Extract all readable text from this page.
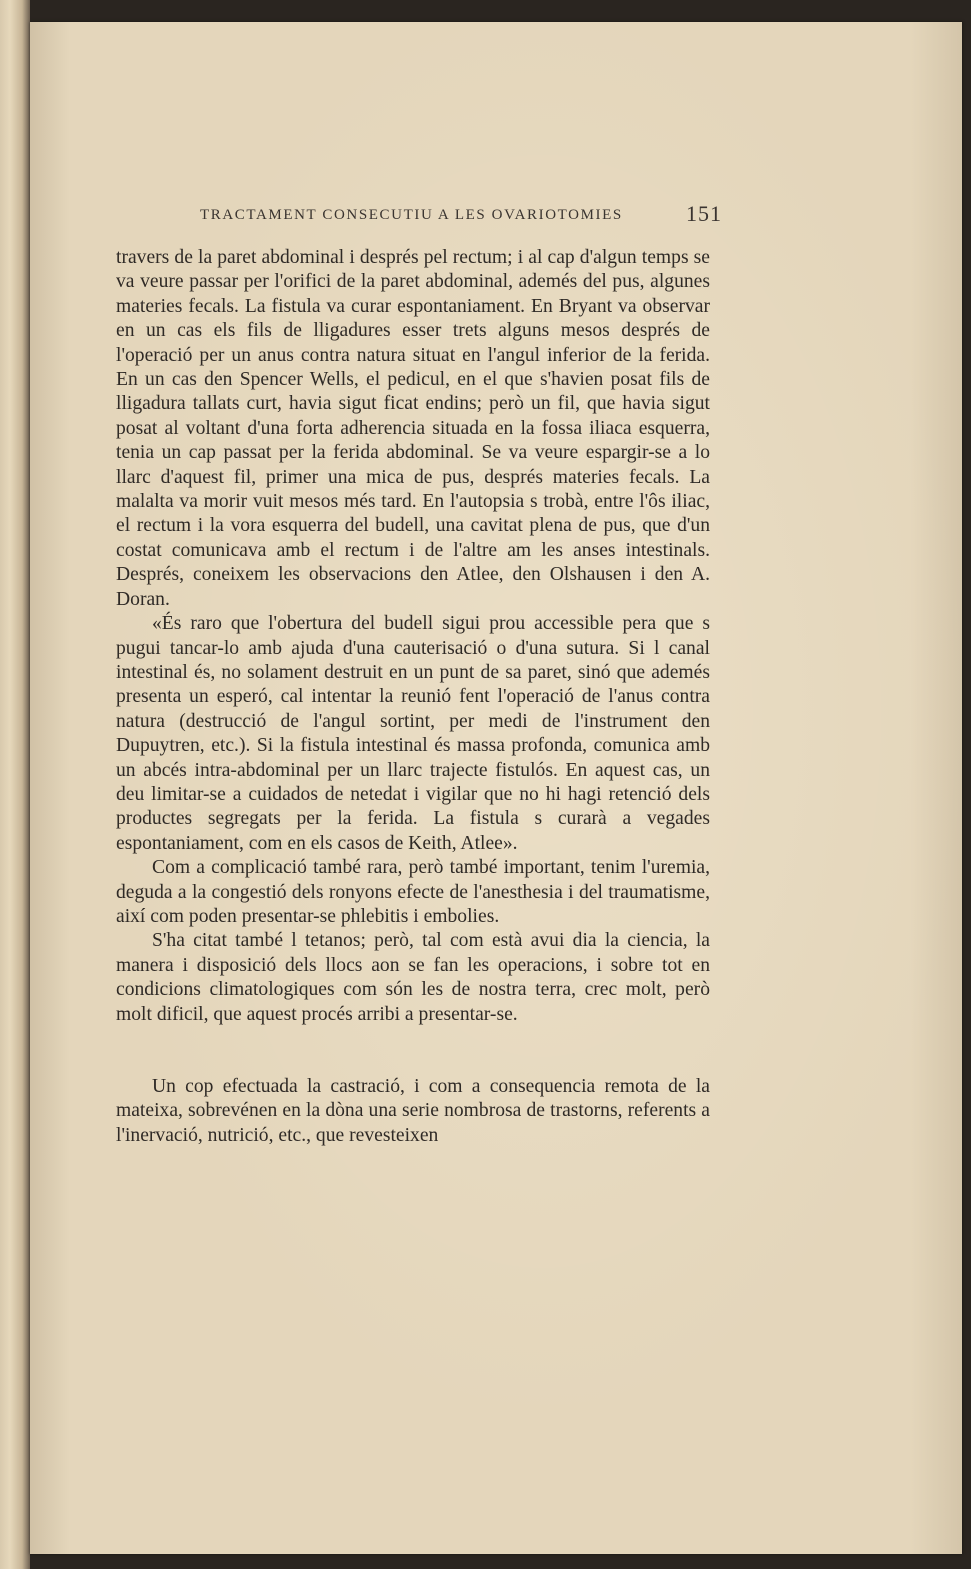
TRACTAMENT CONSECUTIU A LES OVARIOTOMIES	151

travers de la paret abdominal i després pel rectum; i al cap d'algun temps se va veure passar per l'orifici de la paret abdominal, ademés del pus, algunes materies fecals. La fistula va curar espontaniament. En Bryant va observar en un cas els fils de lligadures esser trets alguns mesos després de l'operació per un anus contra natura situat en l'angul inferior de la ferida. En un cas den Spencer Wells, el pedicul, en el que s'havien posat fils de lligadura tallats curt, havia sigut ficat endins; però un fil, que havia sigut posat al voltant d'una forta adherencia situada en la fossa iliaca esquerra, tenia un cap passat per la ferida abdominal. Se va veure espargir-se a lo llarc d'aquest fil, primer una mica de pus, després materies fecals. La malalta va morir vuit mesos més tard. En l'autopsia s trobà, entre l'ôs iliac, el rectum i la vora esquerra del budell, una cavitat plena de pus, que d'un costat comunicava amb el rectum i de l'altre am les anses intestinals. Després, coneixem les observacions den Atlee, den Olshausen i den A. Doran.

«És raro que l'obertura del budell sigui prou accessible pera que s pugui tancar-lo amb ajuda d'una cauterisació o d'una sutura. Si l canal intestinal és, no solament destruit en un punt de sa paret, sinó que ademés presenta un esperó, cal intentar la reunió fent l'operació de l'anus contra natura (destrucció de l'angul sortint, per medi de l'instrument den Dupuytren, etc.). Si la fistula intestinal és massa profonda, comunica amb un abcés intra-abdominal per un llarc trajecte fistulós. En aquest cas, un deu limitar-se a cuidados de netedat i vigilar que no hi hagi retenció dels productes segregats per la ferida. La fistula s curarà a vegades espontaniament, com en els casos de Keith, Atlee».

Com a complicació també rara, però també important, tenim l'uremia, deguda a la congestió dels ronyons efecte de l'anesthesia i del traumatisme, així com poden presentar-se phlebitis i embolies.

S'ha citat també l tetanos; però, tal com està avui dia la ciencia, la manera i disposició dels llocs aon se fan les operacions, i sobre tot en condicions climatologiques com són les de nostra terra, crec molt, però molt dificil, que aquest procés arribi a presentar-se.

Un cop efectuada la castració, i com a consequencia remota de la mateixa, sobrevénen en la dòna una serie nombrosa de trastorns, referents a l'inervació, nutrició, etc., que revesteixen
